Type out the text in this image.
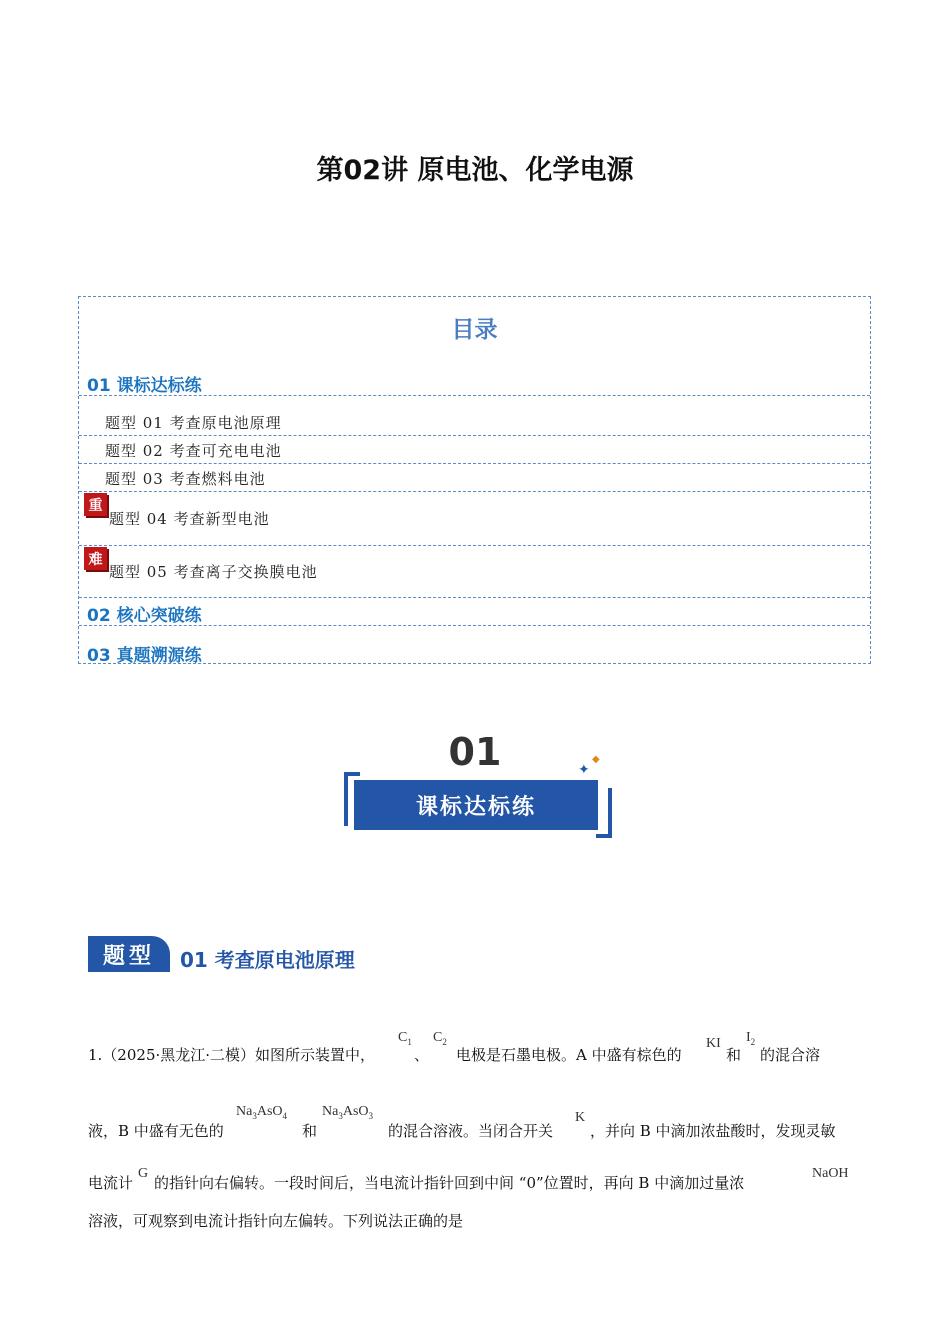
第02讲 原电池、化学电源
目录
01 课标达标练
题型 01 考查原电池原理
题型 02 考查可充电电池
题型 03 考查燃料电池
重
题型 04 考查新型电池
难
题型 05 考查离子交换膜电池
02 核心突破练
03 真题溯源练
01
课标达标练
✦
◆
题型	01 考查原电池原理
1.（2025·黑龙江·二模）如图所示装置中，
$C_1$
、
$C_2$
电极是石墨电极。A 中盛有棕色的
KI
和
$I_2$
的混合溶
液，B 中盛有无色的
$Na_3AsO_4$
和
$Na_3AsO_3$
的混合溶液。当闭合开关
K
，并向 B 中滴加浓盐酸时，发现灵敏
电流计
G
的指针向右偏转。一段时间后，当电流计指针回到中间 “0”位置时，再向 B 中滴加过量浓
NaOH
溶液，可观察到电流计指针向左偏转。下列说法正确的是
